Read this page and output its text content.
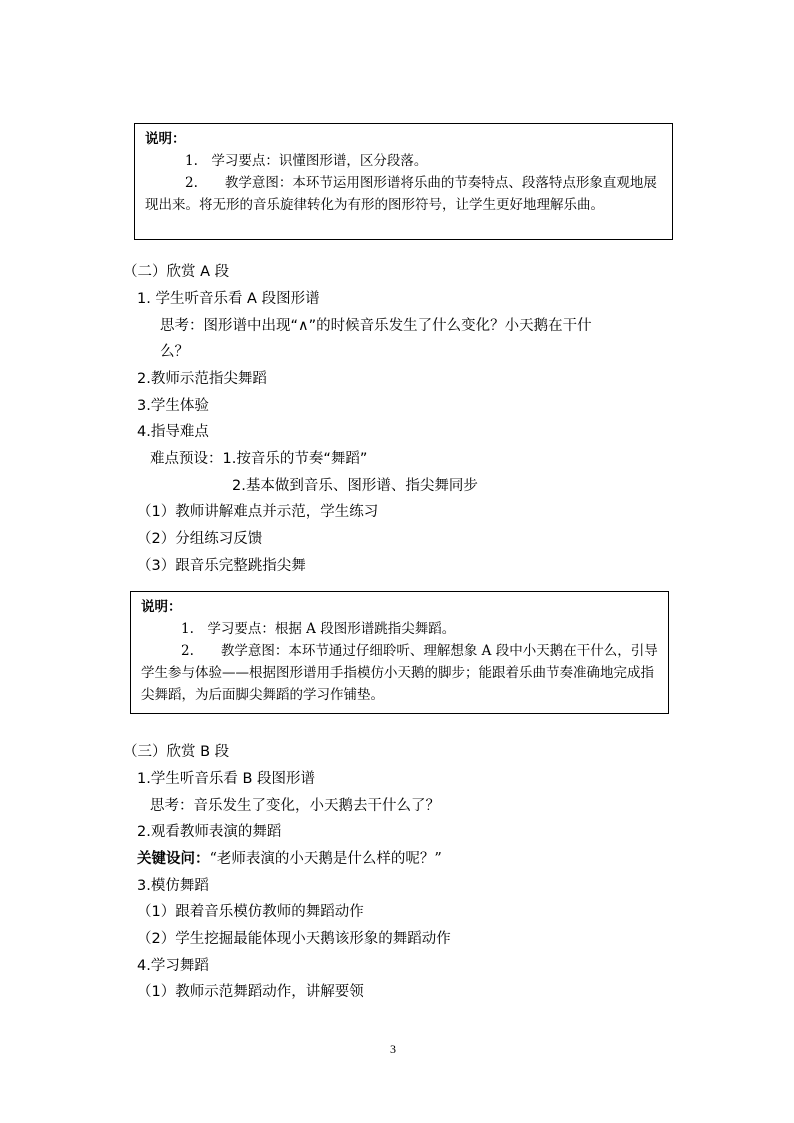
说明：
1.　学习要点：识懂图形谱，区分段落。

2.　　教学意图：本环节运用图形谱将乐曲的节奏特点、段落特点形象直观地展现出来。将无形的音乐旋律转化为有形的图形符号，让学生更好地理解乐曲。

（二）欣赏 A 段
1. 学生听音乐看 A 段图形谱
思考：图形谱中出现“∧”的时候音乐发生了什么变化？小天鹅在干什
么？
2.教师示范指尖舞蹈
3.学生体验
4.指导难点
难点预设：1.按音乐的节奏“舞蹈”
2.基本做到音乐、图形谱、指尖舞同步
（1）教师讲解难点并示范，学生练习
（2）分组练习反馈
（3）跟音乐完整跳指尖舞
说明：
1.　学习要点：根据 A 段图形谱跳指尖舞蹈。

2.　　教学意图：本环节通过仔细聆听、理解想象 A 段中小天鹅在干什么，引导学生参与体验——根据图形谱用手指模仿小天鹅的脚步；能跟着乐曲节奏准确地完成指尖舞蹈，为后面脚尖舞蹈的学习作铺垫。

（三）欣赏 B 段
1.学生听音乐看 B 段图形谱
思考：音乐发生了变化，小天鹅去干什么了？
2.观看教师表演的舞蹈
关键设问：“老师表演的小天鹅是什么样的呢？”
3.模仿舞蹈
（1）跟着音乐模仿教师的舞蹈动作
（2）学生挖掘最能体现小天鹅该形象的舞蹈动作
4.学习舞蹈
（1）教师示范舞蹈动作，讲解要领
3
